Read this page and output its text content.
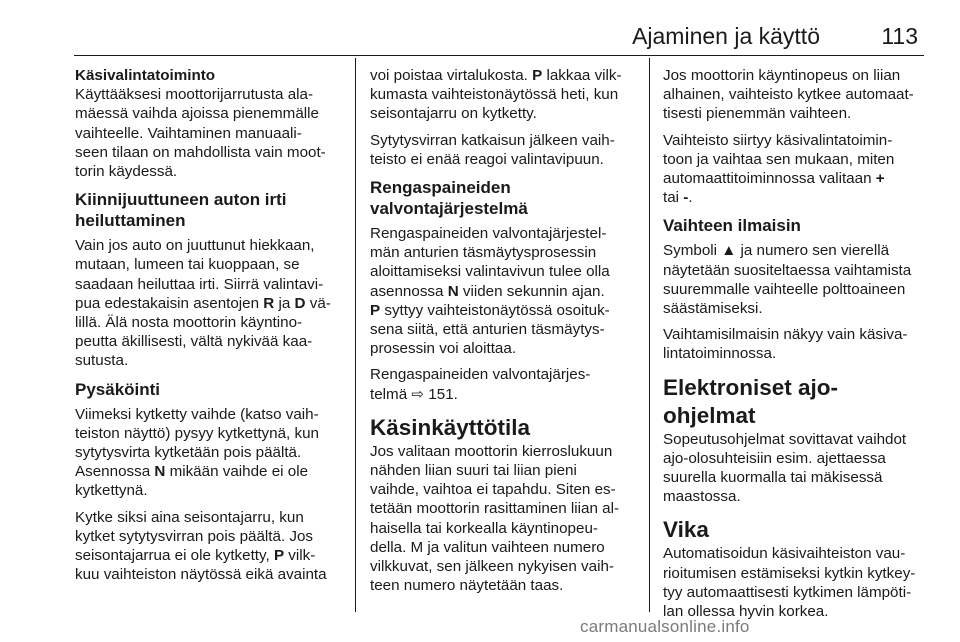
Ajaminen ja käyttö	113
Käsivalintatoiminto

Käyttääksesi moottorijarrutusta ala-
mäessä vaihda ajoissa pienemmälle
vaihteelle. Vaihtaminen manuaali-
seen tilaan on mahdollista vain moot-
torin käydessä.

Kiinnijuuttuneen auton irti
heiluttaminen

Vain jos auto on juuttunut hiekkaan,
mutaan, lumeen tai kuoppaan, se
saadaan heiluttaa irti. Siirrä valintavi-
pua edestakaisin asentojen R ja D vä-
lillä. Älä nosta moottorin käyntino-
peutta äkillisesti, vältä nykivää kaa-
sutusta.

Pysäköinti

Viimeksi kytketty vaihde (katso vaih-
teiston näyttö) pysyy kytkettynä, kun
sytytysvirta kytketään pois päältä.
Asennossa N mikään vaihde ei ole
kytkettynä.

Kytke siksi aina seisontajarru, kun
kytket sytytysvirran pois päältä. Jos
seisontajarrua ei ole kytketty, P vilk-
kuu vaihteiston näytössä eikä avainta

voi poistaa virtalukosta. P lakkaa vilk-
kumasta vaihteistonäytössä heti, kun
seisontajarru on kytketty.

Sytytysvirran katkaisun jälkeen vaih-
teisto ei enää reagoi valintavipuun.

Rengaspaineiden
valvontajärjestelmä

Rengaspaineiden valvontajärjestel-
män anturien täsmäytysprosessin
aloittamiseksi valintavivun tulee olla
asennossa N viiden sekunnin ajan.
P syttyy vaihteistonäytössä osoituk-
sena siitä, että anturien täsmäytys-
prosessin voi aloittaa.

Rengaspaineiden valvontajärjes-
telmä ⇨ 151.

Käsinkäyttötila

Jos valitaan moottorin kierroslukuun
nähden liian suuri tai liian pieni
vaihde, vaihtoa ei tapahdu. Siten es-
tetään moottorin rasittaminen liian al-
haisella tai korkealla käyntinopeu-
della. M ja valitun vaihteen numero
vilkkuvat, sen jälkeen nykyisen vaih-
teen numero näytetään taas.

Jos moottorin käyntinopeus on liian
alhainen, vaihteisto kytkee automaat-
tisesti pienemmän vaihteen.

Vaihteisto siirtyy käsivalintatoimin-
toon ja vaihtaa sen mukaan, miten
automaattitoiminnossa valitaan +
tai -.

Vaihteen ilmaisin

Symboli ▲ ja numero sen vierellä
näytetään suositeltaessa vaihtamista
suuremmalle vaihteelle polttoaineen
säästämiseksi.

Vaihtamisilmaisin näkyy vain käsiva-
lintatoiminnossa.

Elektroniset ajo-ohjelmat

Sopeutusohjelmat sovittavat vaihdot
ajo-olosuhteisiin esim. ajettaessa
suurella kuormalla tai mäkisessä
maastossa.

Vika

Automatisoidun käsivaihteiston vau-
rioitumisen estämiseksi kytkin kytkey-
tyy automaattisesti kytkimen lämpöti-
lan ollessa hyvin korkea.

carmanualsonline.info
